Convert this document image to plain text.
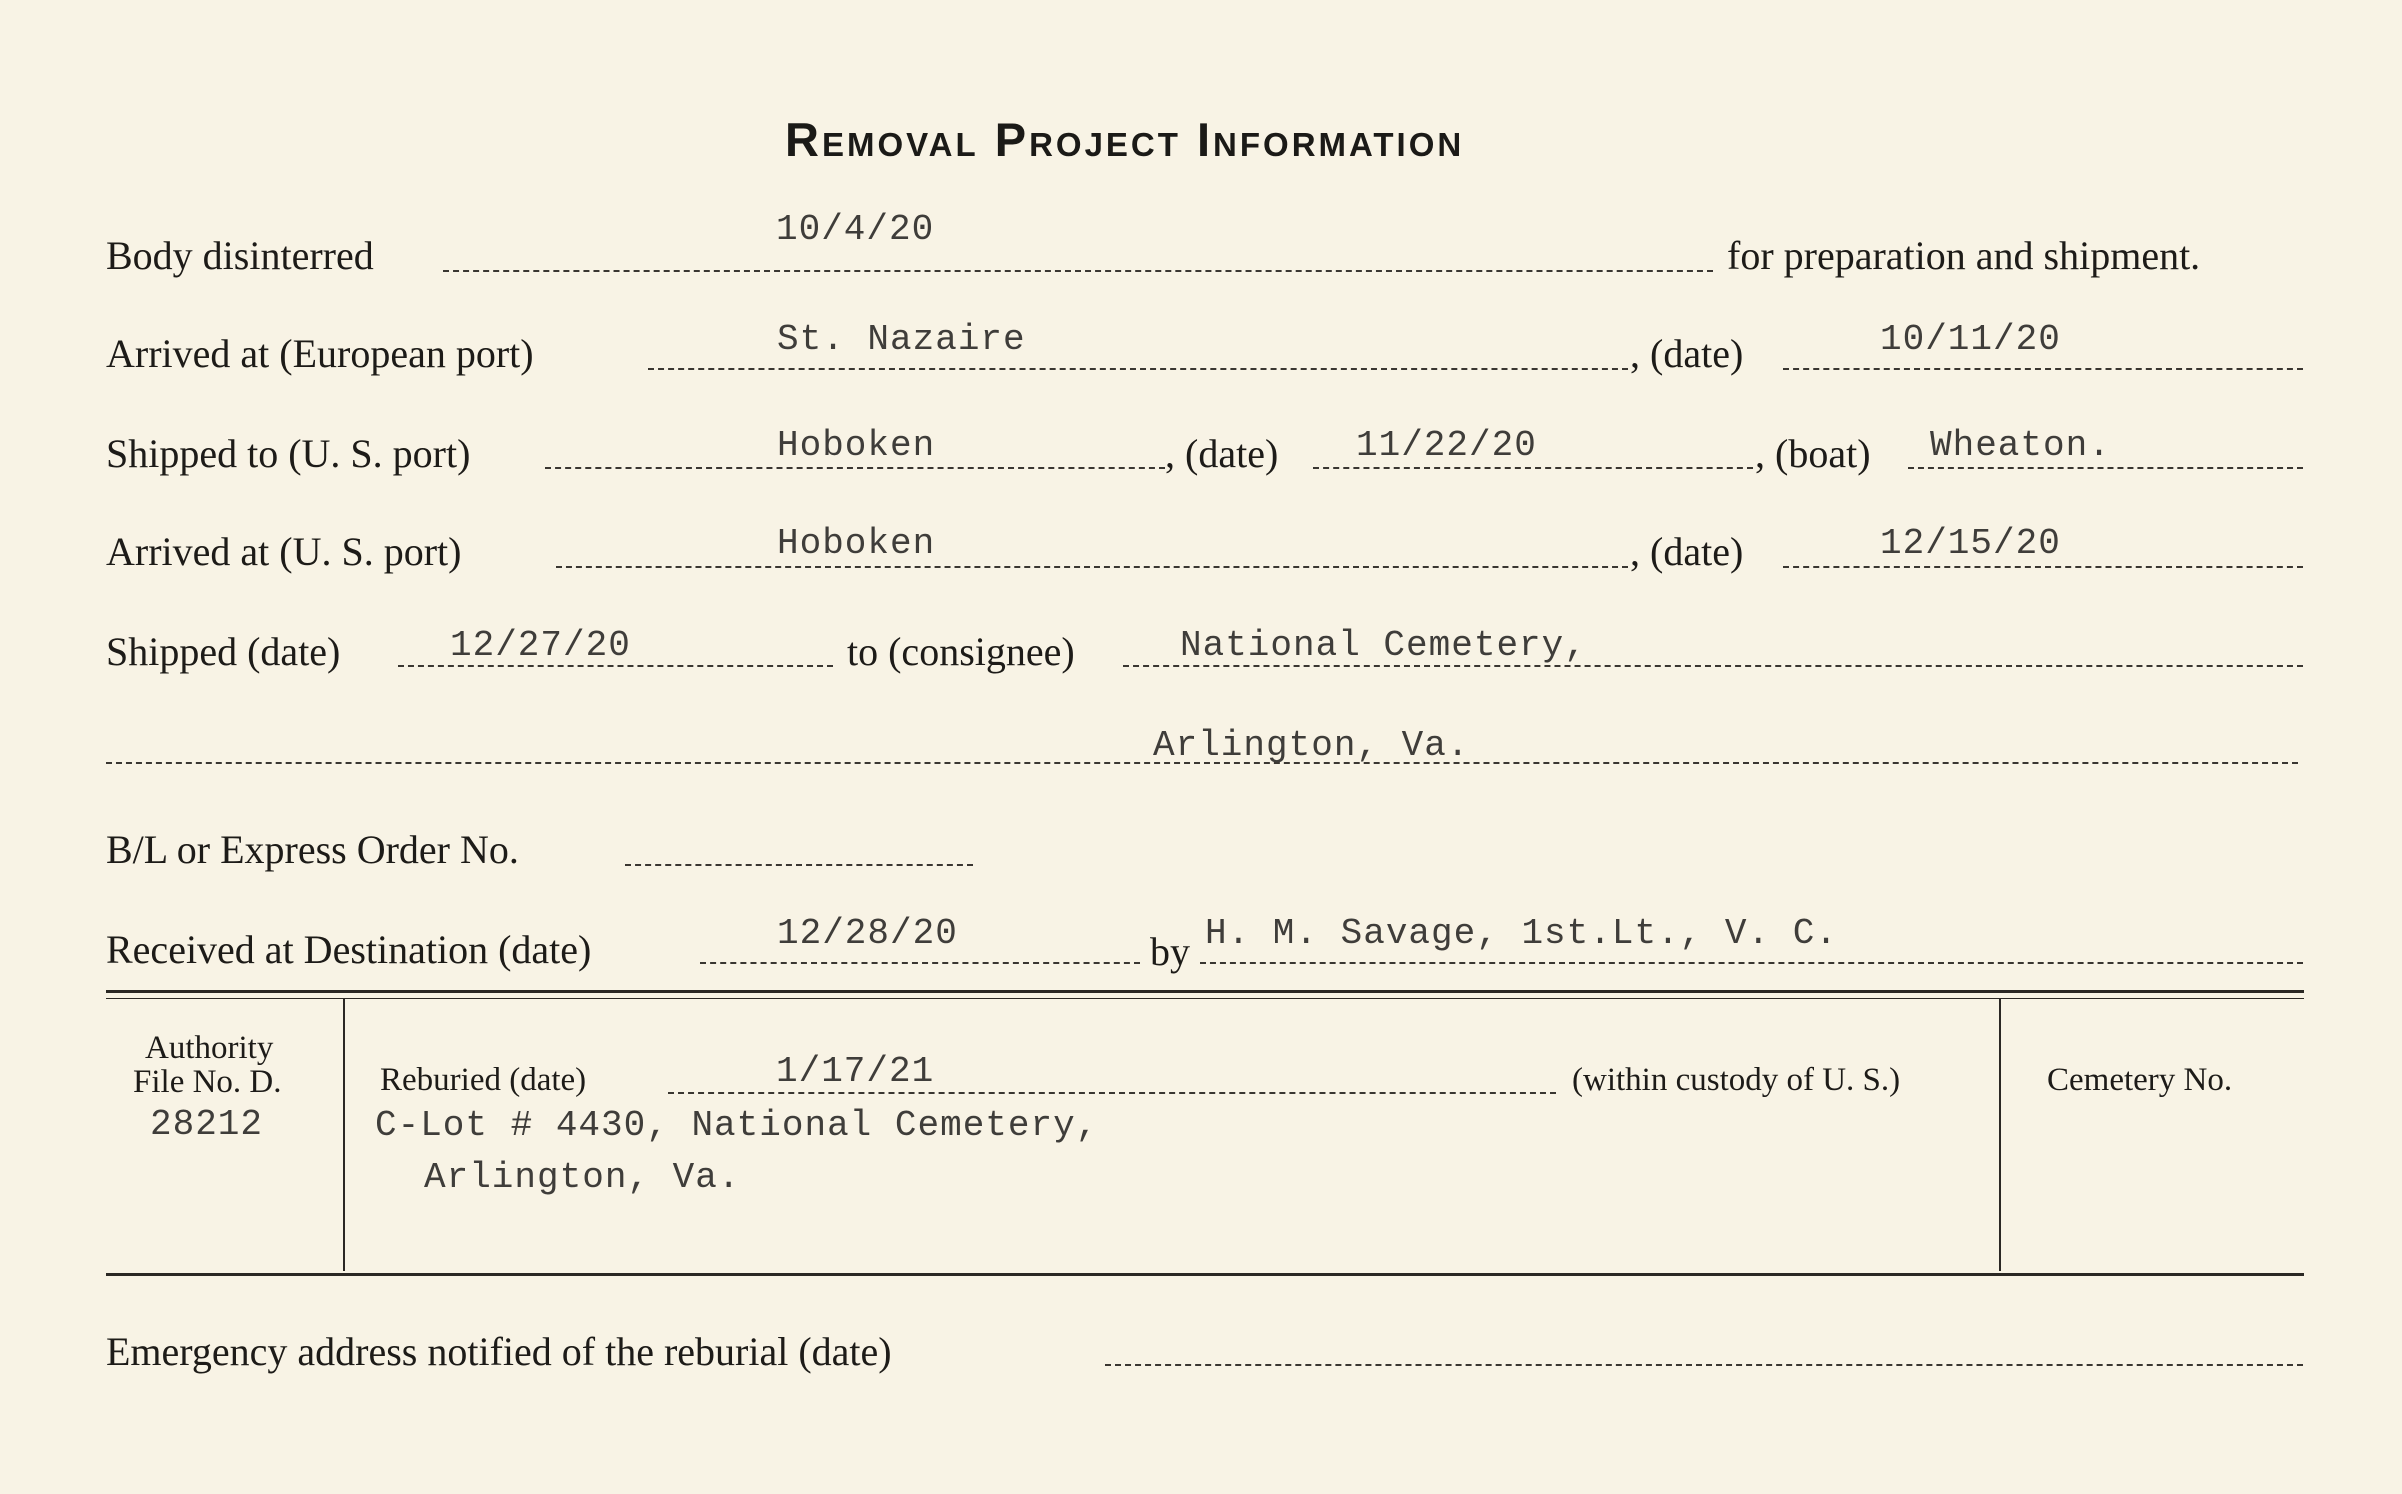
Removal Project Information
Body disinterred
10/4/20
for preparation and shipment.
Arrived at (European port)	St. Nazaire	, (date)	10/11/20
Shipped to (U. S. port)	Hoboken	, (date) 11/22/20	, (boat) Wheaton.
Arrived at (U. S. port)	Hoboken	, (date)	12/15/20
Shipped (date)	12/27/20	to (consignee)	National Cemetery,
Arlington, Va.
B/L or Express Order No.
Received at Destination (date)	12/28/20	by H. M. Savage, 1st.Lt., V. C.
Authority
File No. D.
28212
Reburied (date)	1/17/21	(within custody of U. S.)
C-Lot # 4430, National Cemetery,
Arlington, Va.
Cemetery No.
Emergency address notified of the reburial (date)
